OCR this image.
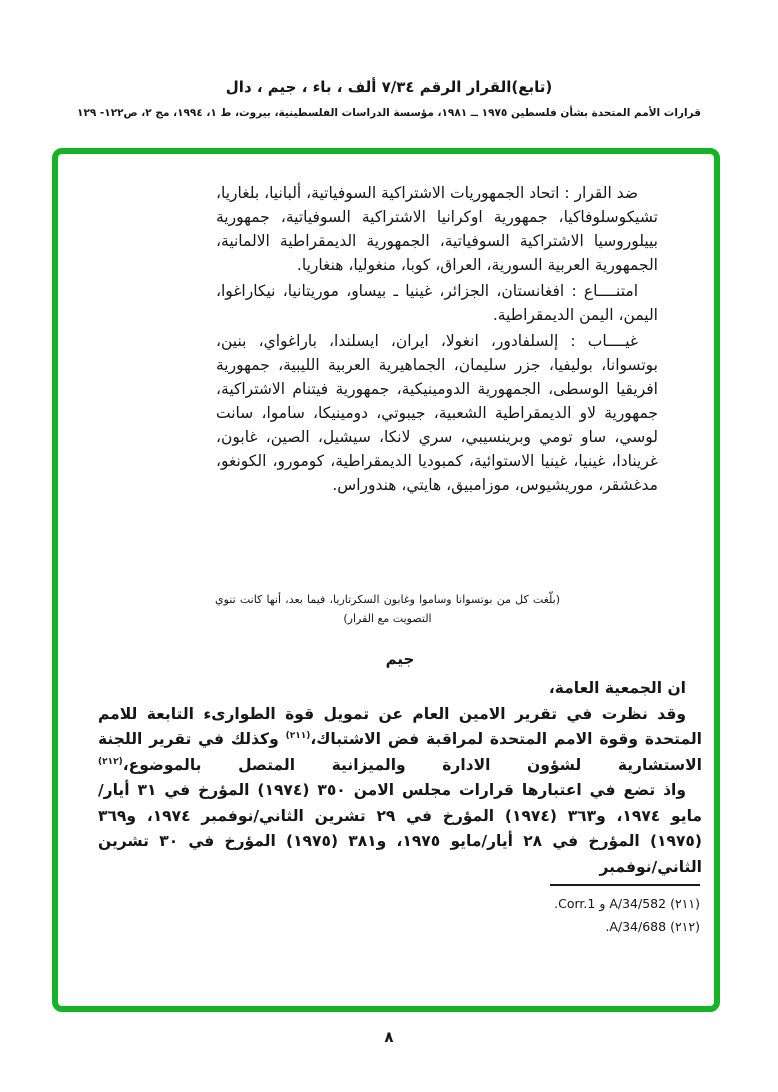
(تابع)القرار الرقم ٧/٣٤ ألف ، باء ، جيم ، دال
قرارات الأمم المتحدة بشأن فلسطين ١٩٧٥ ــ ١٩٨١، مؤسسة الدراسات الفلسطينية، بيروت، ط ١، ١٩٩٤، مج ٢، ص١٢٢- ١٢٩

ضد القرار : اتحاد الجمهوريات الاشتراكية السوفياتية، ألبانيا، بلغاريا، تشيكوسلوفاكيا، جمهورية اوكرانيا الاشتراكية السوفياتية، جمهورية بييلوروسيا الاشتراكية السوفياتية، الجمهورية الديمقراطية الالمانية، الجمهورية العربية السورية، العراق، كوبا، منغوليا، هنغاريا.

امتنــــاع : افغانستان، الجزائر، غينيا ـ بيساو، موريتانيا، نيكاراغوا، اليمن، اليمن الديمقراطية.

غيــــاب : إلسلفادور، انغولا، ايران، ايسلندا، باراغواي، بنين، بوتسوانا، بوليفيا، جزر سليمان، الجماهيرية العربية الليبية، جمهورية افريقيا الوسطى، الجمهورية الدومينيكية، جمهورية فيتنام الاشتراكية، جمهورية لاو الديمقراطية الشعبية، جيبوتي، دومينيكا، ساموا، سانت لوسي، ساو تومي وبرينسيبي، سري لانكا، سيشيل، الصين، غابون، غرينادا، غينيا، غينيا الاستوائية، كمبوديا الديمقراطية، كومورو، الكونغو، مدغشقر، موريشيوس، موزامبيق، هايتي، هندوراس.

(بلّغت كل من بوتسوانا وساموا وغابون السكرتاريا، فيما بعد، أنها كانت تنوي التصويت مع القرار)
جيم

ان الجمعية العامة،

وقد نظرت في تقرير الامين العام عن تمويل قوة الطوارىء التابعة للامم المتحدة وقوة الامم المتحدة لمراقبة فض الاشتباك،$^{(٢١١)}$ وكذلك في تقرير اللجنة الاستشارية لشؤون الادارة والميزانية المتصل بالموضوع،$^{(٢١٢)}$

واذ تضع في اعتبارها قرارات مجلس الامن ٣٥٠ (١٩٧٤) المؤرخ في ٣١ أيار/مايو ١٩٧٤، و٣٦٣ (١٩٧٤) المؤرخ في ٢٩ تشرين الثاني/نوفمبر ١٩٧٤، و٣٦٩ (١٩٧٥) المؤرخ في ٢٨ أيار/مايو ١٩٧٥، و٣٨١ (١٩٧٥) المؤرخ في ٣٠ تشرين الثاني/نوفمبر

(٢١١) A/34/582 و Corr.1.

(٢١٢) A/34/688.

٨
